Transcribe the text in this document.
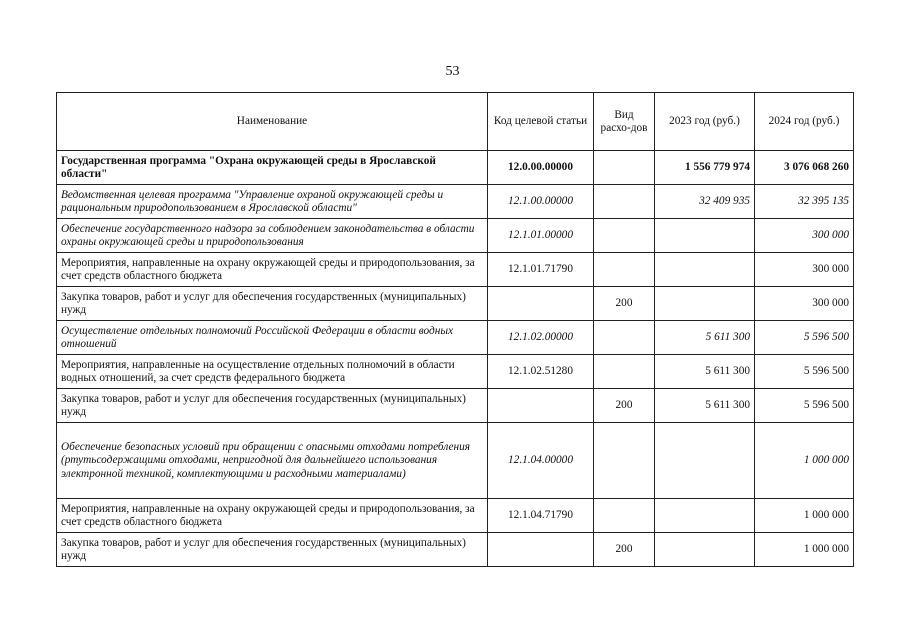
53
Наименование	Код целевой статьи	Вид расхо-дов	2023 год (руб.)	2024 год (руб.)
Государственная программа "Охрана окружающей среды в Ярославской области"	12.0.00.00000		1 556 779 974	3 076 068 260
Ведомственная целевая программа "Управление охраной окружающей среды и рациональным природопользованием в Ярославской области"	12.1.00.00000		32 409 935	32 395 135
Обеспечение государственного надзора за соблюдением законодательства в области охраны окружающей среды и природопользования	12.1.01.00000			300 000
Мероприятия, направленные на охрану окружающей среды и природопользования, за счет средств областного бюджета	12.1.01.71790			300 000
Закупка товаров, работ и услуг для обеспечения государственных (муниципальных) нужд		200		300 000
Осуществление отдельных полномочий Российской Федерации в области водных отношений	12.1.02.00000		5 611 300	5 596 500
Мероприятия, направленные на осуществление отдельных полномочий в области водных отношений, за счет средств федерального бюджета	12.1.02.51280		5 611 300	5 596 500
Закупка товаров, работ и услуг для обеспечения государственных (муниципальных) нужд		200	5 611 300	5 596 500
Обеспечение безопасных условий при обращении с опасными отходами потребления (ртутьсодержащими отходами, непригодной для дальнейшего использования электронной техникой, комплектующими и расходными материалами)	12.1.04.00000			1 000 000
Мероприятия, направленные на охрану окружающей среды и природопользования, за счет средств областного бюджета	12.1.04.71790			1 000 000
Закупка товаров, работ и услуг для обеспечения государственных (муниципальных) нужд		200		1 000 000
